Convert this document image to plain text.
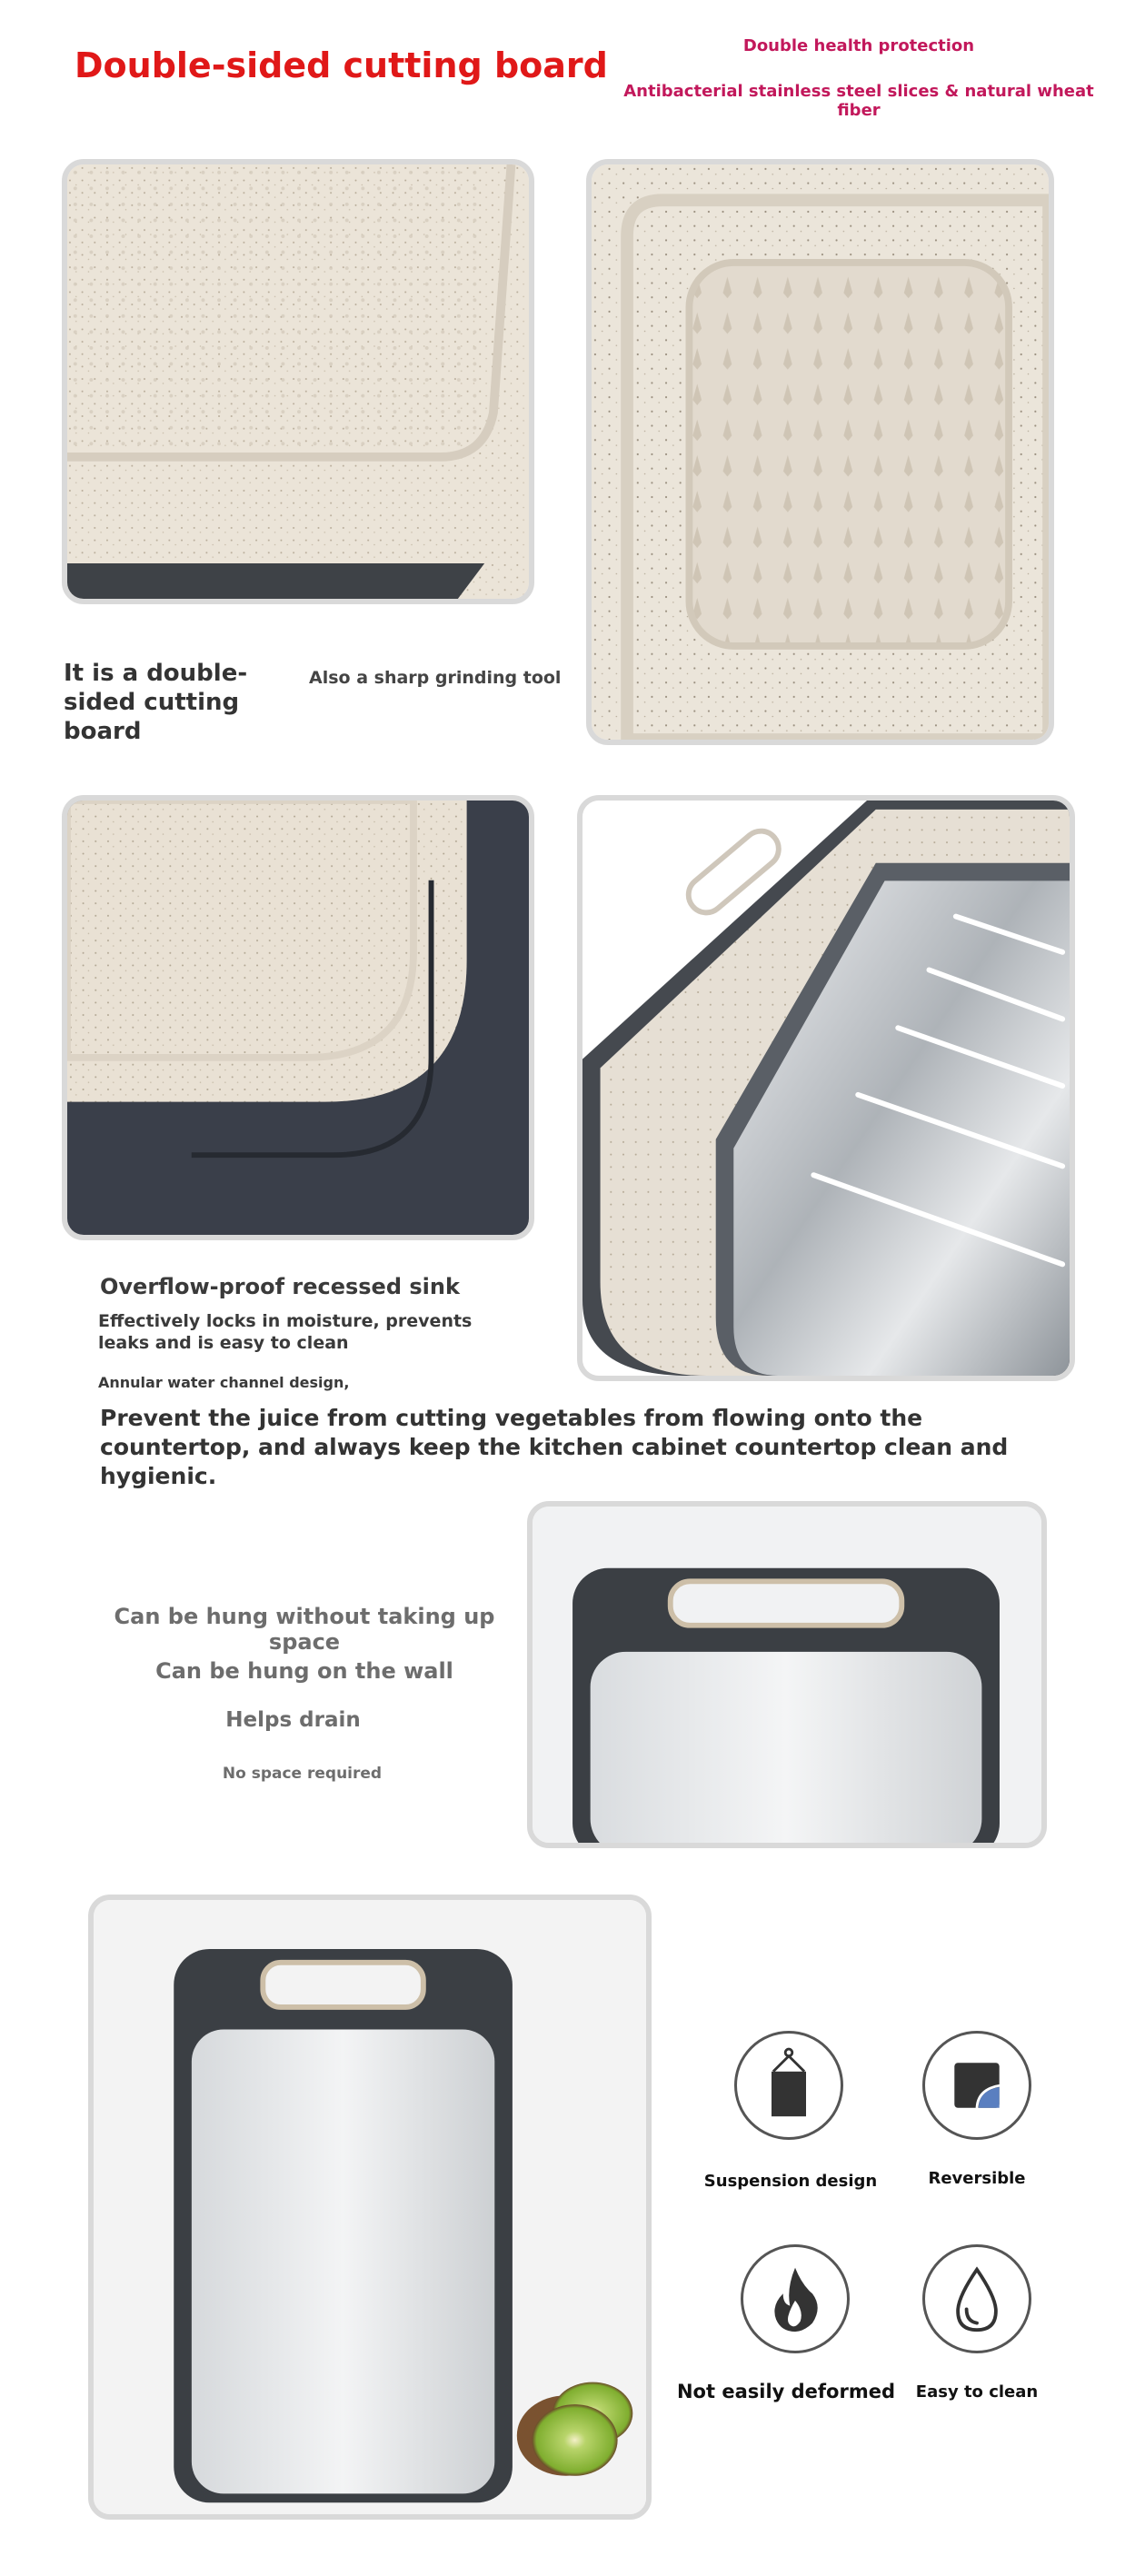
Double-sided cutting board	Double health protection
Antibacterial stainless steel slices & natural wheat fiber
It is a double-sided cutting board
Also a sharp grinding tool
Overflow-proof recessed sink
Effectively locks in moisture, prevents leaks and is easy to clean
Annular water channel design,
Prevent the juice from cutting vegetables from flowing onto the countertop, and always keep the kitchen cabinet countertop clean and hygienic.
Can be hung without taking up space
Can be hung on the wall
Helps drain
No space required
Suspension design	Reversible
Not easily deformed	Easy to clean
